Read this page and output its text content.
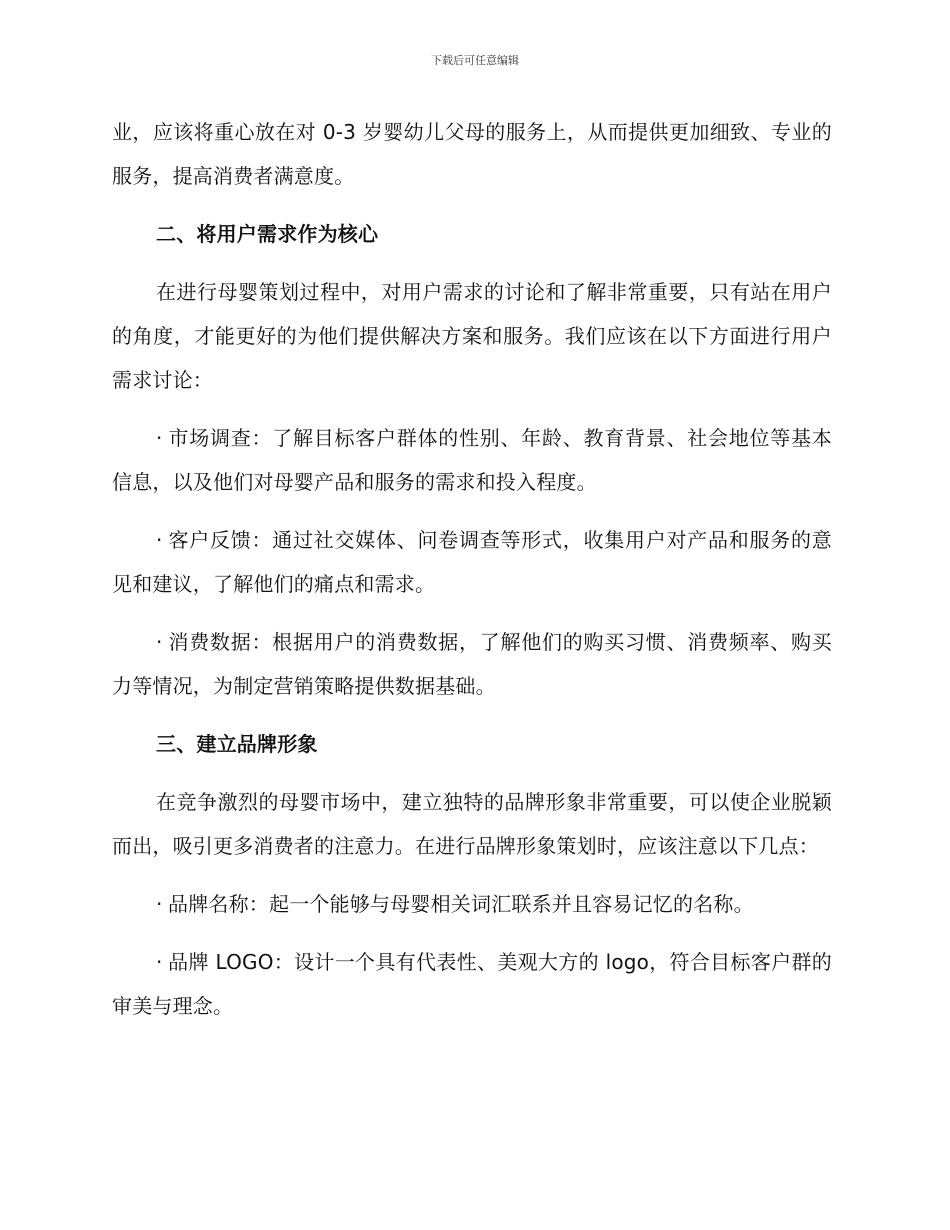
下载后可任意编辑

业，应该将重心放在对 0-3 岁婴幼儿父母的服务上，从而提供更加细致、专业的服务，提高消费者满意度。

二、将用户需求作为核心

在进行母婴策划过程中，对用户需求的讨论和了解非常重要，只有站在用户的角度，才能更好的为他们提供解决方案和服务。我们应该在以下方面进行用户需求讨论：

· 市场调查：了解目标客户群体的性别、年龄、教育背景、社会地位等基本信息，以及他们对母婴产品和服务的需求和投入程度。

· 客户反馈：通过社交媒体、问卷调查等形式，收集用户对产品和服务的意见和建议，了解他们的痛点和需求。

· 消费数据：根据用户的消费数据，了解他们的购买习惯、消费频率、购买力等情况，为制定营销策略提供数据基础。

三、建立品牌形象

在竞争激烈的母婴市场中，建立独特的品牌形象非常重要，可以使企业脱颖而出，吸引更多消费者的注意力。在进行品牌形象策划时，应该注意以下几点：

· 品牌名称：起一个能够与母婴相关词汇联系并且容易记忆的名称。

· 品牌 LOGO：设计一个具有代表性、美观大方的 logo，符合目标客户群的审美与理念。
